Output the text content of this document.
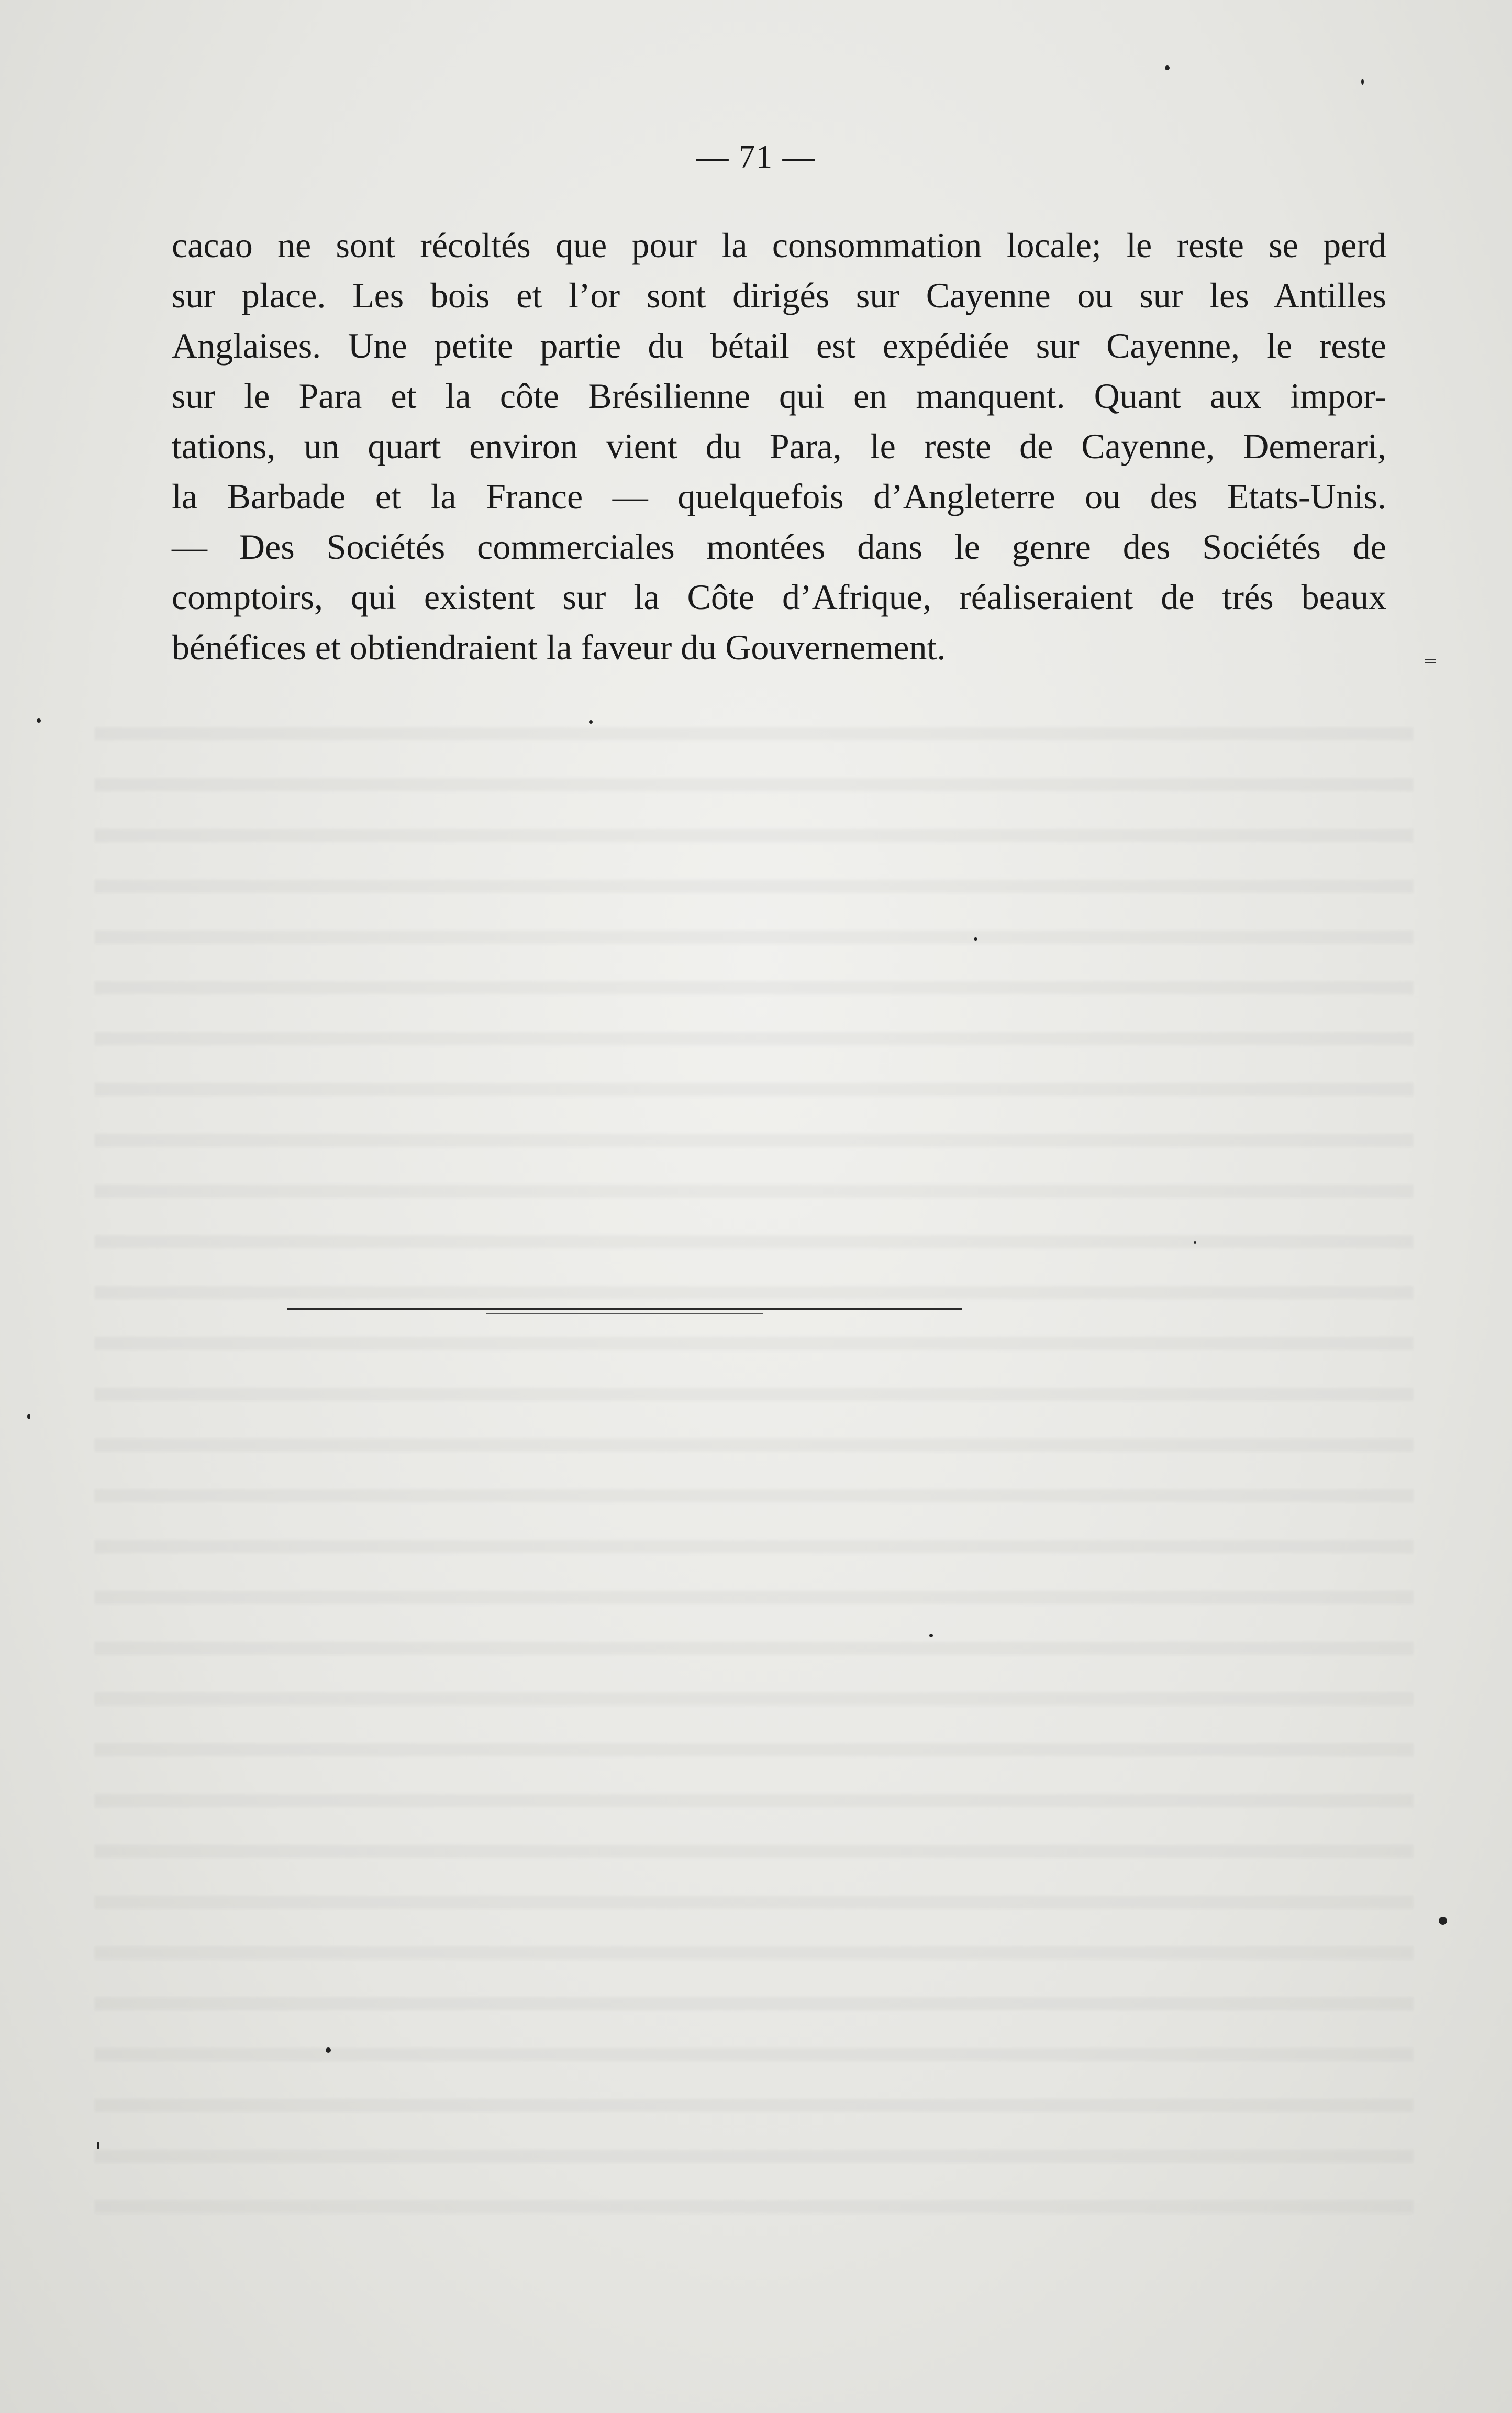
— 71 —
cacao ne sont récoltés que pour la consommation locale; le reste se perd
sur place. Les bois et l’or sont dirigés sur Cayenne ou sur les Antilles
Anglaises. Une petite partie du bétail est expédiée sur Cayenne, le reste
sur le Para et la côte Brésilienne qui en manquent. Quant aux impor-
tations, un quart environ vient du Para, le reste de Cayenne, Demerari,
la Barbade et la France — quelquefois d’Angleterre ou des Etats-Unis.
— Des Sociétés commerciales montées dans le genre des Sociétés de
comptoirs, qui existent sur la Côte d’Afrique, réaliseraient de trés beaux
bénéfices et obtiendraient la faveur du Gouvernement.	⁼
